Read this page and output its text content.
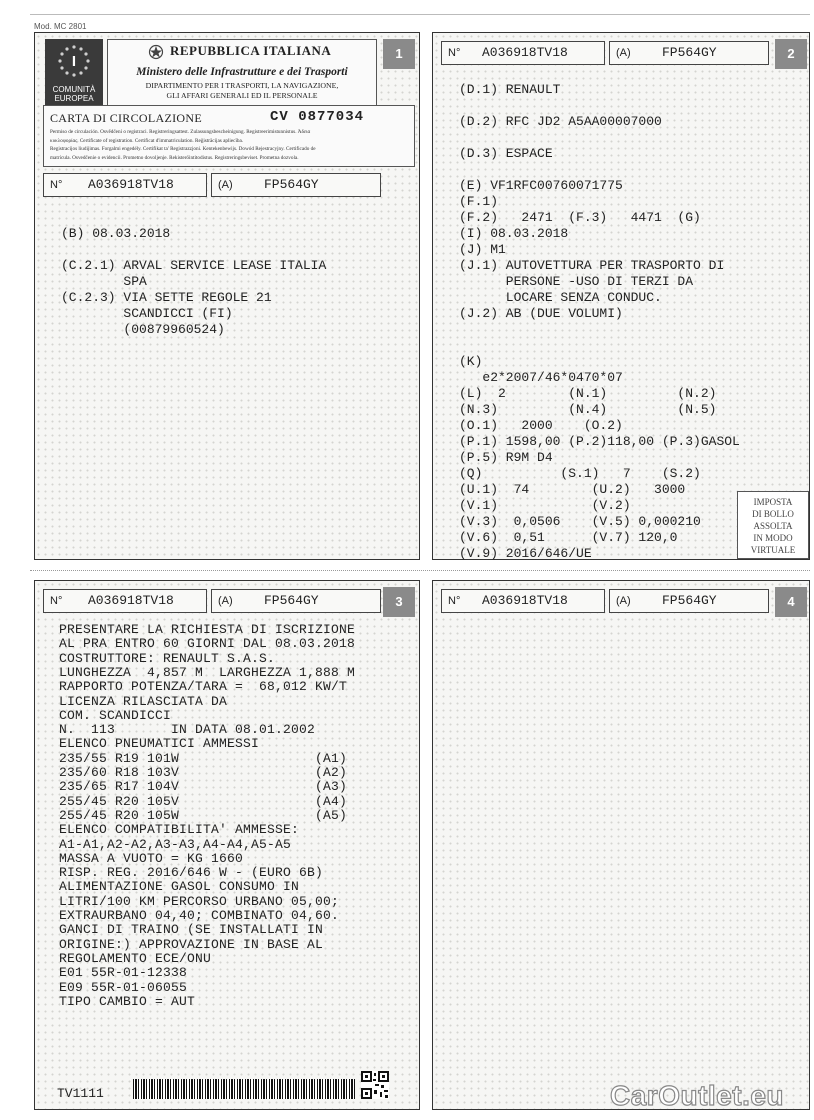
Mod. MC 2801
I
COMUNITÀ
EUROPEA
REPUBBLICA ITALIANA
Ministero delle Infrastrutture e dei Trasporti
DIPARTIMENTO PER I TRASPORTI, LA NAVIGAZIONE,
GLI AFFARI GENERALI ED IL PERSONALE
1
CARTA DI CIRCOLAZIONE	CV 0877034
Permiso de circulación. Osvědčení o registraci. Registreringsattest. Zulassungsbescheinigung. Registreerimistunnistus. Άδεια
κυκλοφορίας. Certificate of registration. Certificat d'immatriculation. Reģistrācijas apliecība.
Registracijos liudijimas. Forgalmi engedély. Certifikat ta' Registrazzjoni. Kentekenbewijs. Dowód Rejestracyjny. Certificado de
matrícula. Osvedčenie o evidencii. Prometno dovoljenje. Rekisteröintitodistus. Registreringsbeviset. Prometna dozvola.
N° A036918TV18	(A) FP564GY
(B) 08.03.2018
(C.2.1) ARVAL SERVICE LEASE ITALIA
SPA
(C.2.3) VIA SETTE REGOLE 21
SCANDICCI (FI)
(00879960524)
N° A036918TV18	(A) FP564GY	2
(D.1) RENAULT
(D.2) RFC JD2 A5AA00007000
(D.3) ESPACE
(E) VF1RFC00760071775
(F.1)
(F.2)   2471  (F.3)   4471  (G)
(I) 08.03.2018
(J) M1
(J.1) AUTOVETTURA PER TRASPORTO DI
PERSONE -USO DI TERZI DA
LOCARE SENZA CONDUC.
(J.2) AB (DUE VOLUMI)
(K)
e2*2007/46*0470*07
(L)  2        (N.1)         (N.2)
(N.3)         (N.4)         (N.5)
(O.1)   2000    (O.2)
(P.1) 1598,00 (P.2)118,00 (P.3)GASOL
(P.5) R9M D4
(Q)          (S.1)   7    (S.2)
(U.1)  74        (U.2)   3000
(V.1)            (V.2)
(V.3)  0,0506    (V.5) 0,000210
(V.6)  0,51      (V.7) 120,0
(V.9) 2016/646/UE
IMPOSTA
DI BOLLO
ASSOLTA
IN MODO
VIRTUALE
N° A036918TV18	(A) FP564GY	3
PRESENTARE LA RICHIESTA DI ISCRIZIONE
AL PRA ENTRO 60 GIORNI DAL 08.03.2018
COSTRUTTORE: RENAULT S.A.S.
LUNGHEZZA  4,857 M  LARGHEZZA 1,888 M
RAPPORTO POTENZA/TARA =  68,012 KW/T
LICENZA RILASCIATA DA
COM. SCANDICCI
N.  113       IN DATA 08.01.2002
ELENCO PNEUMATICI AMMESSI
235/55 R19 101W                 (A1)
235/60 R18 103V                 (A2)
235/65 R17 104V                 (A3)
255/45 R20 105V                 (A4)
255/45 R20 105W                 (A5)
ELENCO COMPATIBILITA' AMMESSE:
A1-A1,A2-A2,A3-A3,A4-A4,A5-A5
MASSA A VUOTO = KG 1660
RISP. REG. 2016/646 W - (EURO 6B)
ALIMENTAZIONE GASOL CONSUMO IN
LITRI/100 KM PERCORSO URBANO 05,00;
EXTRAURBANO 04,40; COMBINATO 04,60.
GANCI DI TRAINO (SE INSTALLATI IN
ORIGINE:) APPROVAZIONE IN BASE AL
REGOLAMENTO ECE/ONU
E01 55R-01-12338
E09 55R-01-06055
TIPO CAMBIO = AUT
TV1111
N° A036918TV18	(A) FP564GY	4
CarOutlet.eu
